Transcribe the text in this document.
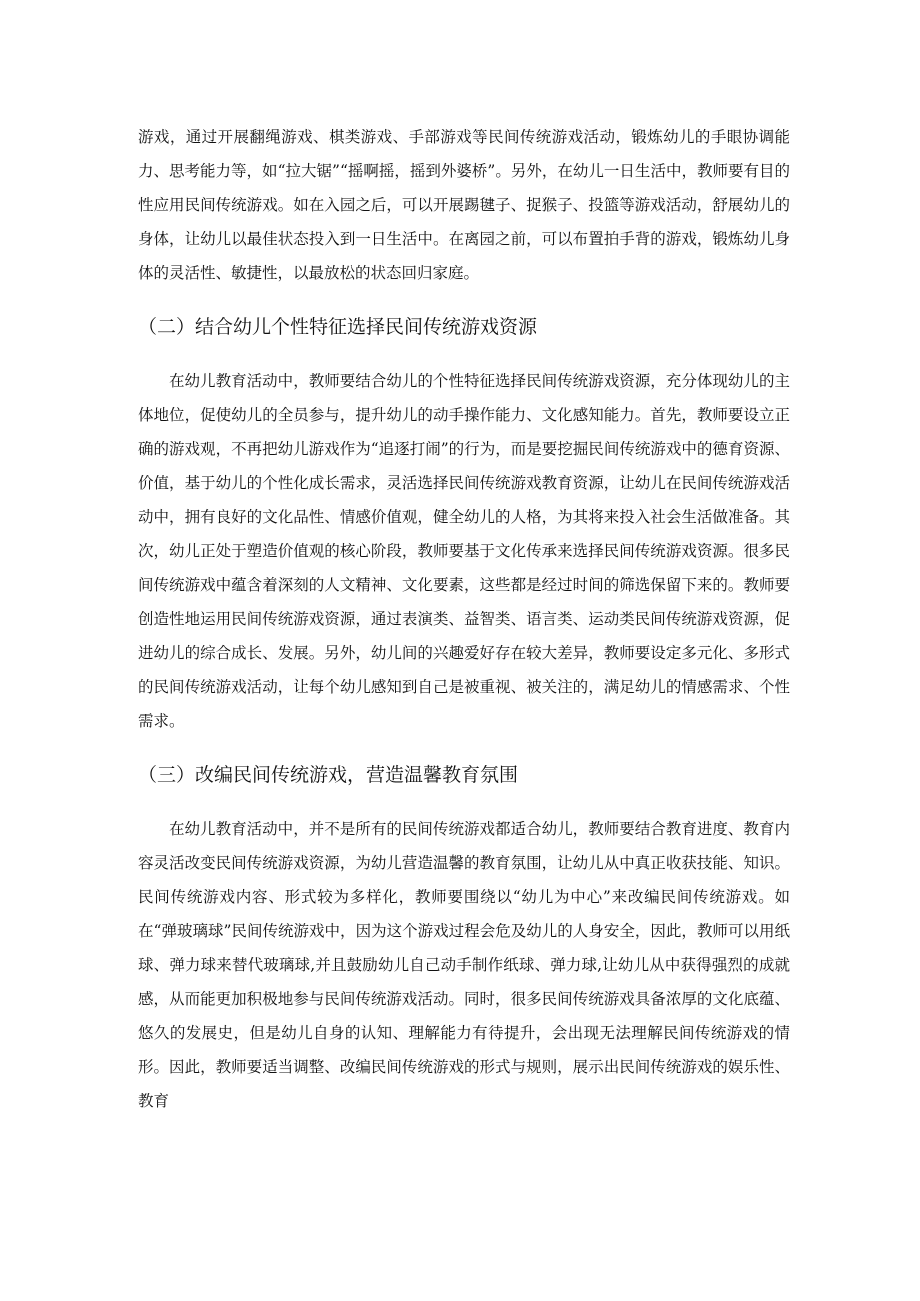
游戏，通过开展翻绳游戏、棋类游戏、手部游戏等民间传统游戏活动，锻炼幼儿的手眼协调能力、思考能力等，如“拉大锯”“摇啊摇，摇到外婆桥”。另外，在幼儿一日生活中，教师要有目的性应用民间传统游戏。如在入园之后，可以开展踢毽子、捉猴子、投篮等游戏活动，舒展幼儿的身体，让幼儿以最佳状态投入到一日生活中。在离园之前，可以布置拍手背的游戏，锻炼幼儿身体的灵活性、敏捷性，以最放松的状态回归家庭。

（二）结合幼儿个性特征选择民间传统游戏资源

在幼儿教育活动中，教师要结合幼儿的个性特征选择民间传统游戏资源，充分体现幼儿的主体地位，促使幼儿的全员参与，提升幼儿的动手操作能力、文化感知能力。首先，教师要设立正确的游戏观，不再把幼儿游戏作为“追逐打闹”的行为，而是要挖掘民间传统游戏中的德育资源、价值，基于幼儿的个性化成长需求，灵活选择民间传统游戏教育资源，让幼儿在民间传统游戏活动中，拥有良好的文化品性、情感价值观，健全幼儿的人格，为其将来投入社会生活做准备。其次，幼儿正处于塑造价值观的核心阶段，教师要基于文化传承来选择民间传统游戏资源。很多民间传统游戏中蕴含着深刻的人文精神、文化要素，这些都是经过时间的筛选保留下来的。教师要创造性地运用民间传统游戏资源，通过表演类、益智类、语言类、运动类民间传统游戏资源，促进幼儿的综合成长、发展。另外，幼儿间的兴趣爱好存在较大差异，教师要设定多元化、多形式的民间传统游戏活动，让每个幼儿感知到自己是被重视、被关注的，满足幼儿的情感需求、个性需求。

（三）改编民间传统游戏，营造温馨教育氛围

在幼儿教育活动中，并不是所有的民间传统游戏都适合幼儿，教师要结合教育进度、教育内容灵活改变民间传统游戏资源，为幼儿营造温馨的教育氛围，让幼儿从中真正收获技能、知识。民间传统游戏内容、形式较为多样化，教师要围绕以“幼儿为中心”来改编民间传统游戏。如在“弹玻璃球”民间传统游戏中，因为这个游戏过程会危及幼儿的人身安全，因此，教师可以用纸球、弹力球来替代玻璃球,并且鼓励幼儿自己动手制作纸球、弹力球,让幼儿从中获得强烈的成就感，从而能更加积极地参与民间传统游戏活动。同时，很多民间传统游戏具备浓厚的文化底蕴、悠久的发展史，但是幼儿自身的认知、理解能力有待提升，会出现无法理解民间传统游戏的情形。因此，教师要适当调整、改编民间传统游戏的形式与规则，展示出民间传统游戏的娱乐性、教育
